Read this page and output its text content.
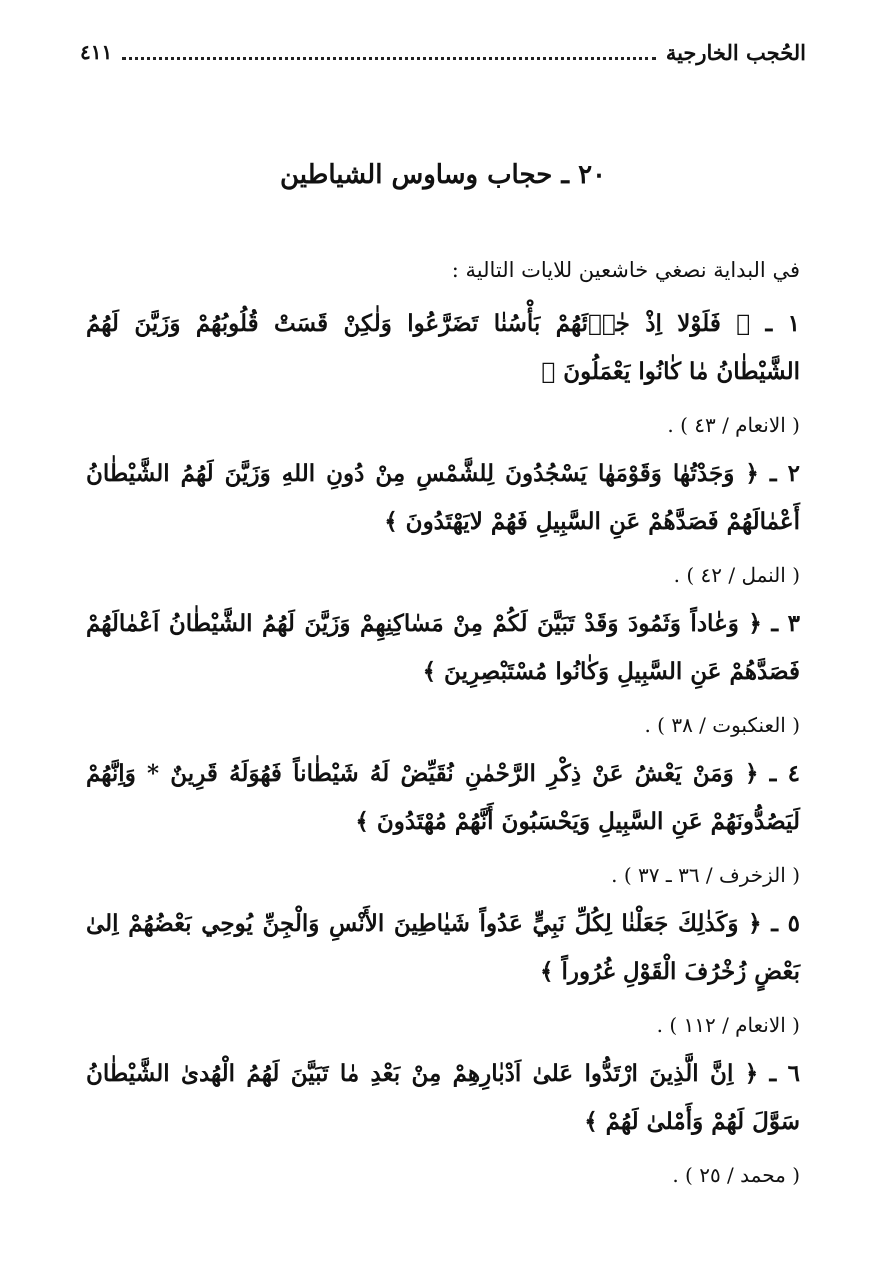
الحُجب الخارجية
٤١١
٢٠ ـ حجاب وساوس الشياطين
في البداية نصغي خاشعين للايات التالية :
١ ـ ﴿ فَلَوْلا اِذْ جٰاۤئَهُمْ بَأْسُنٰا تَضَرَّعُوا وَلٰكِنْ قَسَتْ قُلُوبُهُمْ وَزَيَّنَ لَهُمُ الشَّيْطٰانُ مٰا كٰانُوا يَعْمَلُونَ ﴾
( الانعام / ٤٣ ) .
٢ ـ ﴿ وَجَدْتُهٰا وَقَوْمَهٰا يَسْجُدُونَ لِلشَّمْسِ مِنْ دُونِ اللهِ وَزَيَّنَ لَهُمُ الشَّيْطٰانُ أَعْمٰالَهُمْ فَصَدَّهُمْ عَنِ السَّبِيلِ فَهُمْ لايَهْتَدُونَ ﴾
( النمل / ٤٢ ) .
٣ ـ ﴿ وَعٰاداً وَثَمُودَ وَقَدْ تَبَيَّنَ لَكُمْ مِنْ مَسٰاكِنِهِمْ وَزَيَّنَ لَهُمُ الشَّيْطٰانُ اَعْمٰالَهُمْ فَصَدَّهُمْ عَنِ السَّبِيلِ وَكٰانُوا مُسْتَبْصِرِينَ ﴾
( العنكبوت / ٣٨ ) .
٤ ـ ﴿ وَمَنْ يَعْشُ عَنْ ذِكْرِ الرَّحْمٰنِ نُقَيِّضْ لَهُ شَيْطٰاناً فَهُوَلَهُ قَرِينٌ * وَاِنَّهُمْ لَيَصُدُّونَهُمْ عَنِ السَّبِيلِ وَيَحْسَبُونَ أَنَّهُمْ مُهْتَدُونَ ﴾
( الزخرف / ٣٦ ـ ٣٧ ) .
٥ ـ ﴿ وَكَذٰلِكَ جَعَلْنٰا لِكُلِّ نَبِيٍّ عَدُواً شَيٰاطِينَ الأَنْسِ وَالْجِنِّ يُوحِي بَعْضُهُمْ اِلىٰ بَعْضٍ زُخْرُفَ الْقَوْلِ غُرُوراً ﴾
( الانعام / ١١٢ ) .
٦ ـ ﴿ اِنَّ الَّذِينَ ارْتَدُّوا عَلىٰ اَدْبٰارِهِمْ مِنْ بَعْدِ مٰا تَبَيَّنَ لَهُمُ الْهُدىٰ الشَّيْطٰانُ سَوَّلَ لَهُمْ وَأَمْلىٰ لَهُمْ ﴾
( محمد / ٢٥ ) .
